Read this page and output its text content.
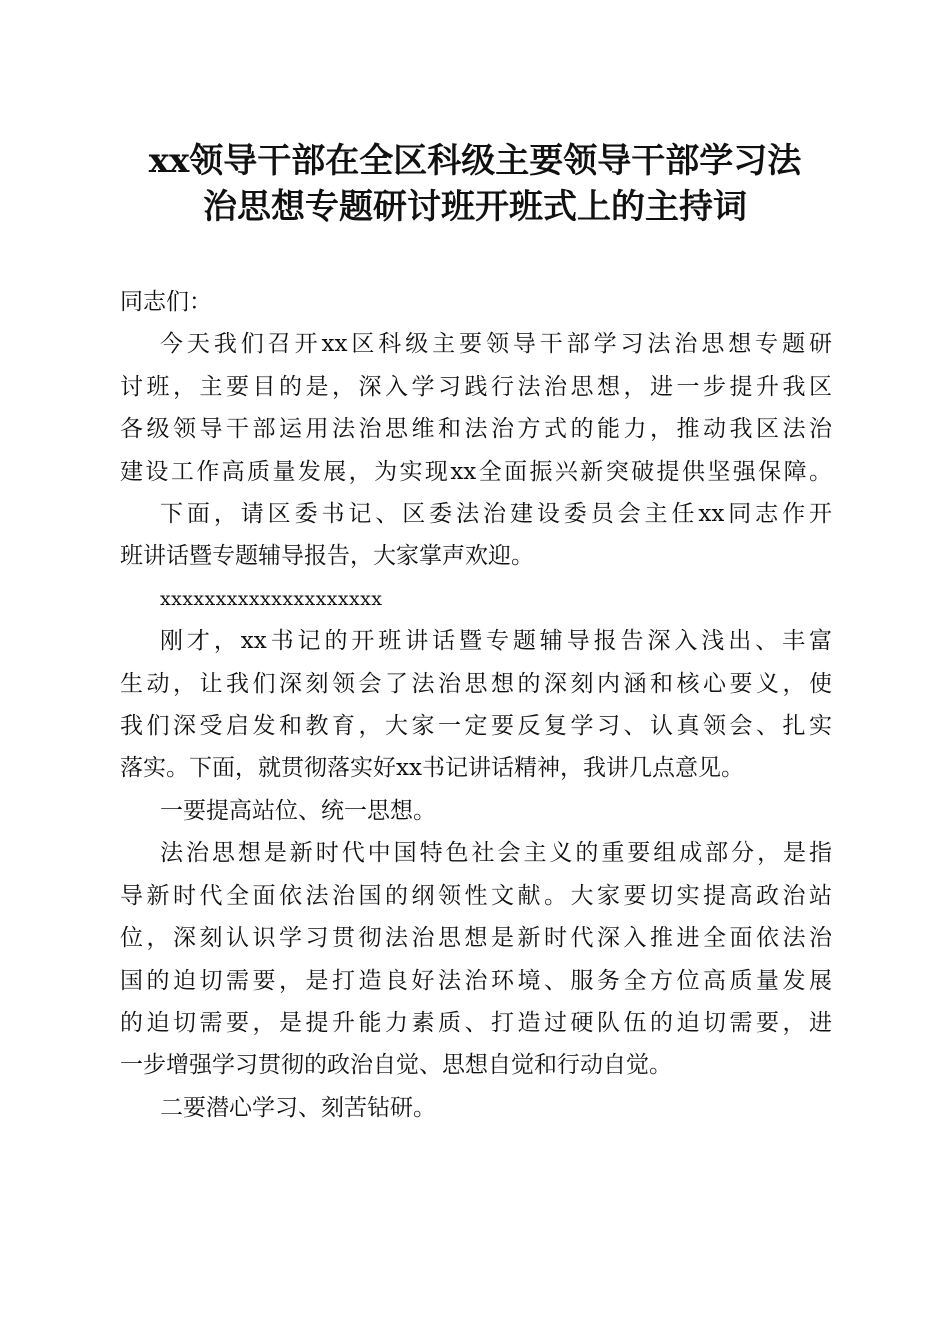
xx领导干部在全区科级主要领导干部学习法
治思想专题研讨班开班式上的主持词

同志们：

今天我们召开xx区科级主要领导干部学习法治思想专题研
讨班，主要目的是，深入学习践行法治思想，进一步提升我区
各级领导干部运用法治思维和法治方式的能力，推动我区法治
建设工作高质量发展，为实现xx全面振兴新突破提供坚强保障。

下面，请区委书记、区委法治建设委员会主任xx同志作开
班讲话暨专题辅导报告，大家掌声欢迎。

xxxxxxxxxxxxxxxxxxxx

刚才，xx书记的开班讲话暨专题辅导报告深入浅出、丰富
生动，让我们深刻领会了法治思想的深刻内涵和核心要义，使
我们深受启发和教育，大家一定要反复学习、认真领会、扎实
落实。下面，就贯彻落实好xx书记讲话精神，我讲几点意见。

一要提高站位、统一思想。

法治思想是新时代中国特色社会主义的重要组成部分，是指
导新时代全面依法治国的纲领性文献。大家要切实提高政治站
位，深刻认识学习贯彻法治思想是新时代深入推进全面依法治
国的迫切需要，是打造良好法治环境、服务全方位高质量发展
的迫切需要，是提升能力素质、打造过硬队伍的迫切需要，进
一步增强学习贯彻的政治自觉、思想自觉和行动自觉。

二要潜心学习、刻苦钻研。
